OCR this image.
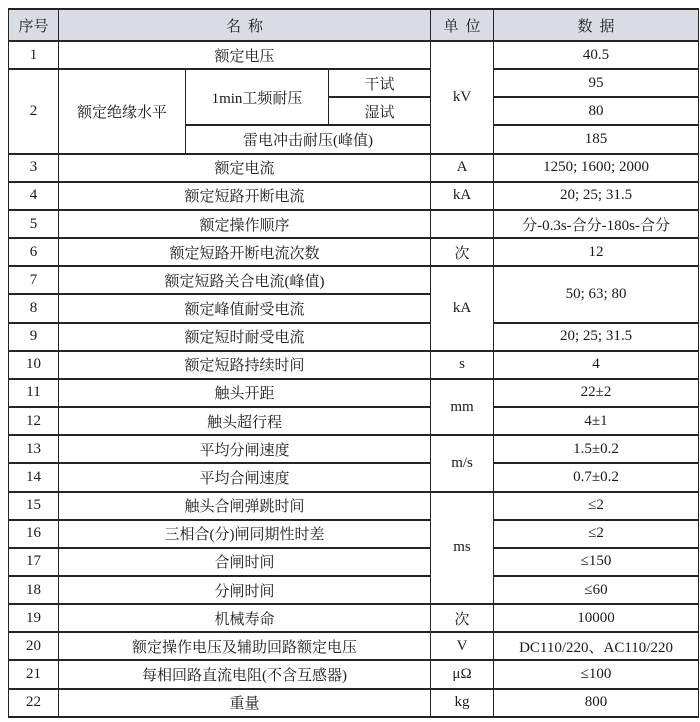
序号	名称			单位	数据
1	额定电压			kV	40.5
2	额定绝缘水平	1min工频耐压	干试		95
			湿试		80
		雷电冲击耐压(峰值)			185
3	额定电流			A	1250; 1600; 2000
4	额定短路开断电流			kA	20; 25; 31.5
5	额定操作顺序				分-0.3s-合分-180s-合分
6	额定短路开断电流次数			次	12
7	额定短路关合电流(峰值)			kA	50; 63; 80
8	额定峰值耐受电流				
9	额定短时耐受电流				20; 25; 31.5
10	额定短路持续时间			s	4
11	触头开距			mm	22±2
12	触头超行程				4±1
13	平均分闸速度			m/s	1.5±0.2
14	平均合闸速度				0.7±0.2
15	触头合闸弹跳时间			ms	≤2
16	三相合(分)闸同期性时差				≤2
17	合闸时间				≤150
18	分闸时间				≤60
19	机械寿命			次	10000
20	额定操作电压及辅助回路额定电压			V	DC110/220、AC110/220
21	每相回路直流电阻(不含互感器)			μΩ	≤100
22	重量			kg	800
